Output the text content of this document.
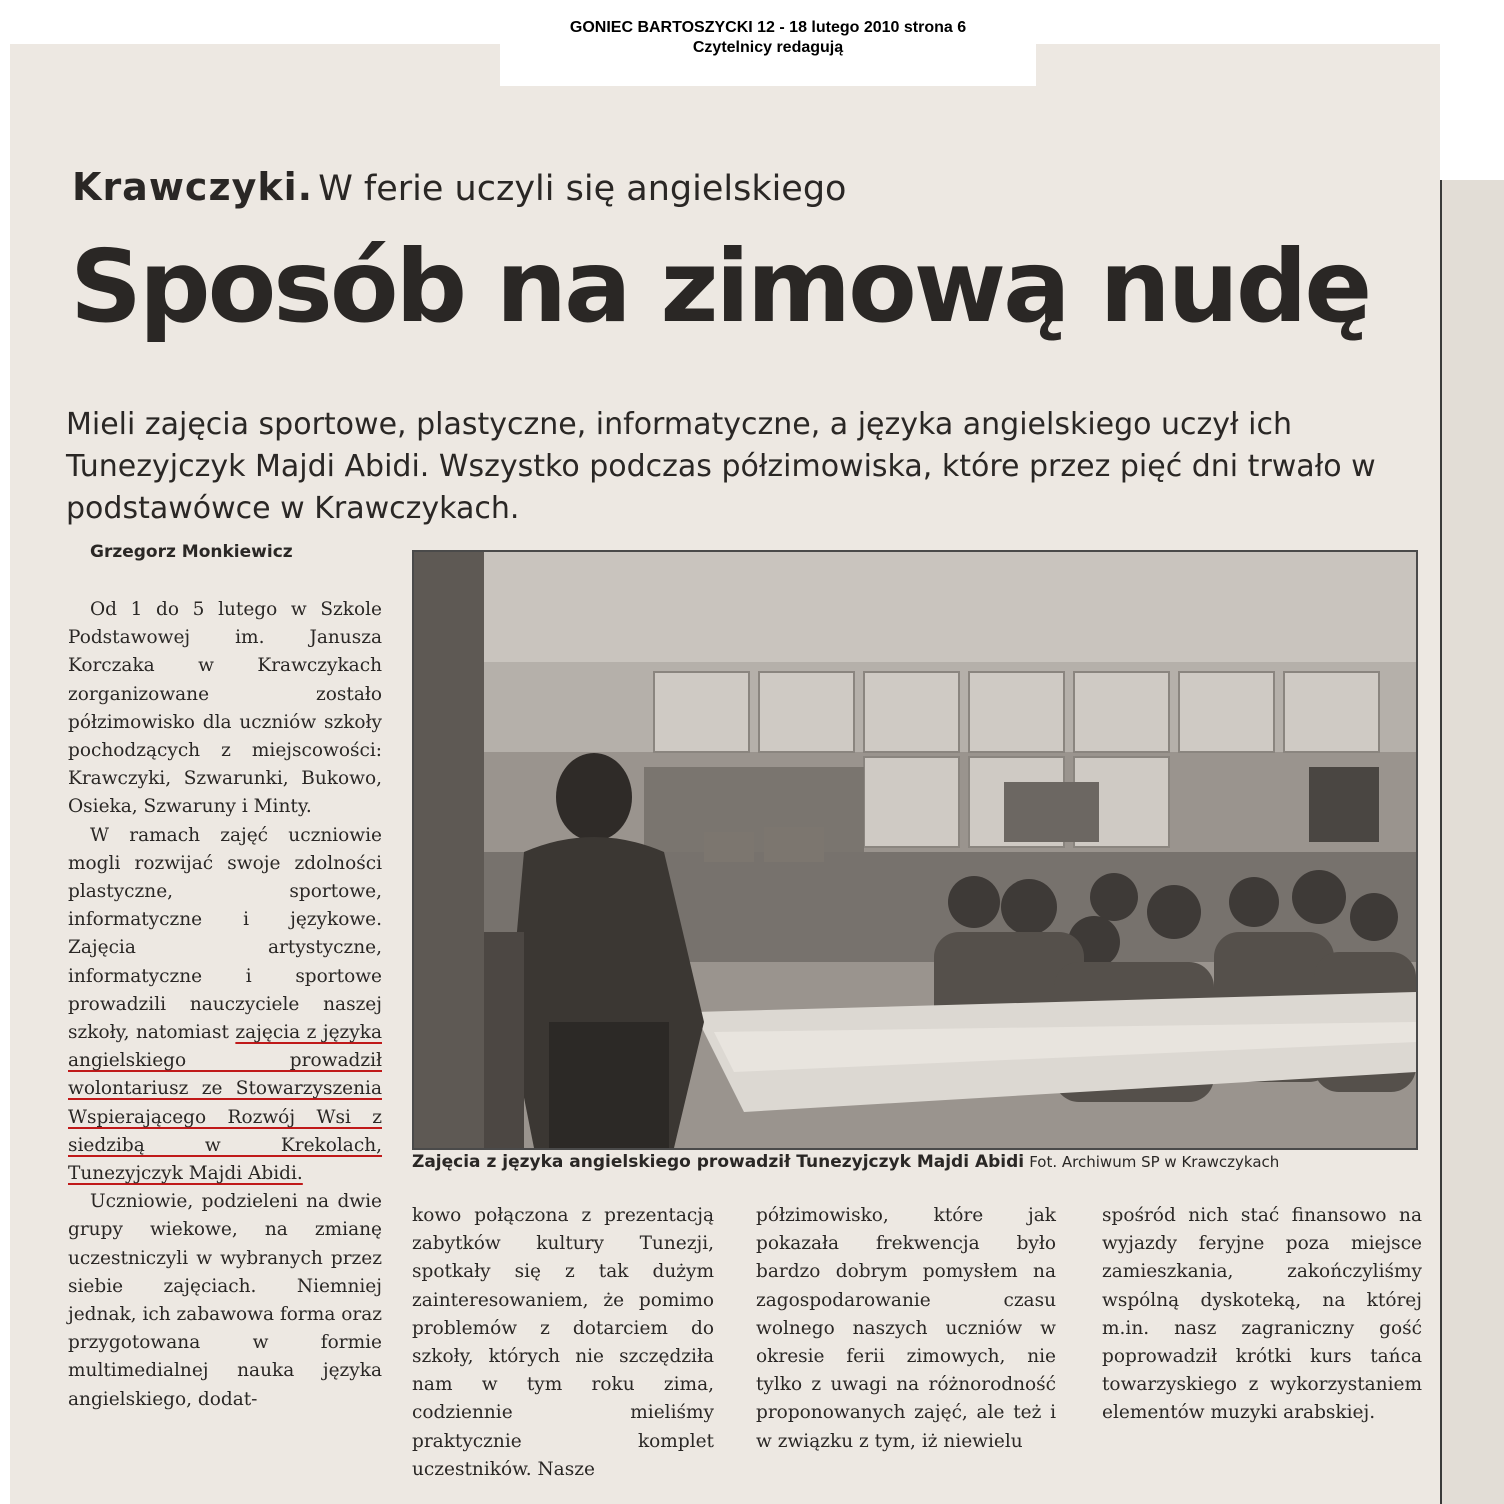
GONIEC BARTOSZYCKI 12 - 18 lutego 2010 strona 6
Czytelnicy redagują
Krawczyki. W ferie uczyli się angielskiego
Sposób na zimową nudę
Mieli zajęcia sportowe, plastyczne, informatyczne, a języka angielskiego uczył ich Tunezyjczyk Majdi Abidi. Wszystko podczas półzimowiska, które przez pięć dni trwało w podstawówce w Krawczykach.
Grzegorz Monkiewicz

Od 1 do 5 lutego w Szkole Podstawowej im. Janusza Korczaka w Krawczykach zorganizowane zostało półzimowisko dla uczniów szkoły pochodzących z miejscowości: Krawczyki, Szwarunki, Bukowo, Osieka, Szwaruny i Minty.

W ramach zajęć uczniowie mogli rozwijać swoje zdolności plastyczne, sportowe, informatyczne i językowe. Zajęcia artystyczne, informatyczne i sportowe prowadzili nauczyciele naszej szkoły, natomiast zajęcia z języka angielskiego prowadził wolontariusz ze Stowarzyszenia Wspierającego Rozwój Wsi z siedzibą w Krekolach, Tunezyjczyk Majdi Abidi.

Uczniowie, podzieleni na dwie grupy wiekowe, na zmianę uczestniczyli w wybranych przez siebie zajęciach. Niemniej jednak, ich zabawowa forma oraz przygotowana w formie multimedialnej nauka języka angielskiego, dodat-

Zajęcia z języka angielskiego prowadził Tunezyjczyk Majdi Abidi Fot. Archiwum SP w Krawczykach

kowo połączona z prezentacją zabytków kultury Tunezji, spotkały się z tak dużym zainteresowaniem, że pomimo problemów z dotarciem do szkoły, których nie szczędziła nam w tym roku zima, codziennie mieliśmy praktycznie komplet uczestników. Nasze

półzimowisko, które jak pokazała frekwencja było bardzo dobrym pomysłem na zagospodarowanie czasu wolnego naszych uczniów w okresie ferii zimowych, nie tylko z uwagi na różnorodność proponowanych zajęć, ale też i w związku z tym, iż niewielu

spośród nich stać finansowo na wyjazdy feryjne poza miejsce zamieszkania, zakończyliśmy wspólną dyskoteką, na której m.in. nasz zagraniczny gość poprowadził krótki kurs tańca towarzyskiego z wykorzystaniem elementów muzyki arabskiej.
